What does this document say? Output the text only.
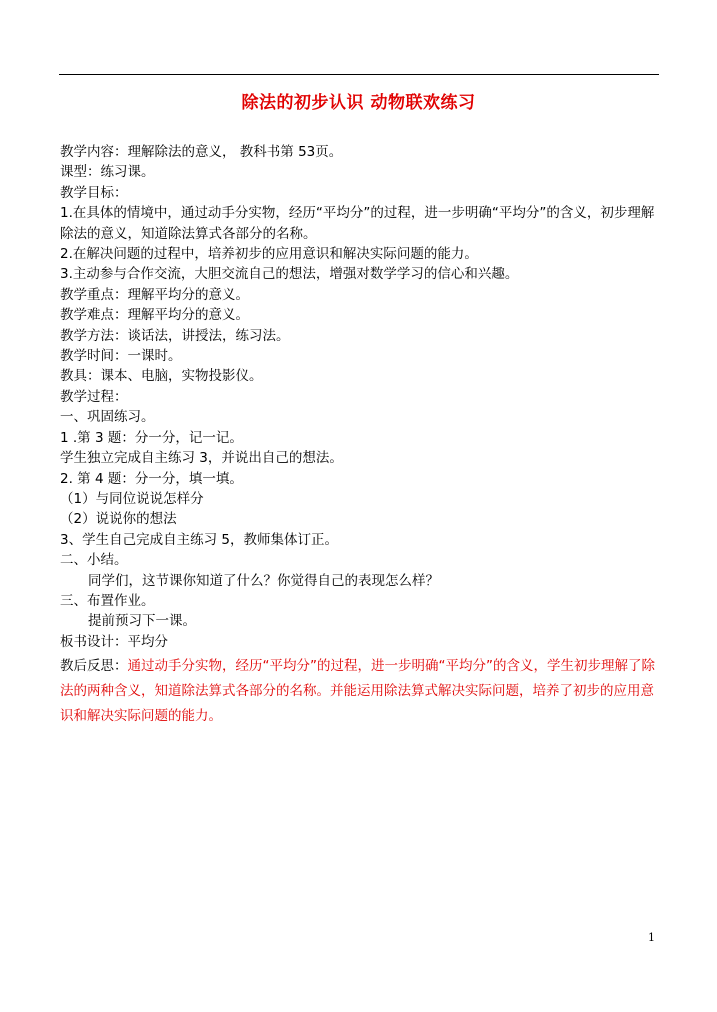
除法的初步认识 动物联欢练习
教学内容：理解除法的意义， 教科书第 53页。
课型：练习课。
教学目标：
1.在具体的情境中，通过动手分实物，经历“平均分”的过程，进一步明确“平均分”的含义，初步理解除法的意义，知道除法算式各部分的名称。
2.在解决问题的过程中，培养初步的应用意识和解决实际问题的能力。
3.主动参与合作交流，大胆交流自己的想法，增强对数学学习的信心和兴趣。
教学重点：理解平均分的意义。
教学难点：理解平均分的意义。
教学方法：谈话法，讲授法，练习法。
教学时间：一课时。
教具：课本、电脑，实物投影仪。
教学过程：
一、巩固练习。
1 .第 3 题：分一分，记一记。
学生独立完成自主练习 3，并说出自己的想法。
2. 第 4 题：分一分，填一填。
（1）与同位说说怎样分
（2）说说你的想法
3、学生自己完成自主练习 5，教师集体订正。
二、小结。
同学们，这节课你知道了什么？你觉得自己的表现怎么样？
三、布置作业。
提前预习下一课。
板书设计：平均分
教后反思：通过动手分实物，经历“平均分”的过程，进一步明确“平均分”的含义，学生初步理解了除法的两种含义，知道除法算式各部分的名称。并能运用除法算式解决实际问题，培养了初步的应用意识和解决实际问题的能力。
1
